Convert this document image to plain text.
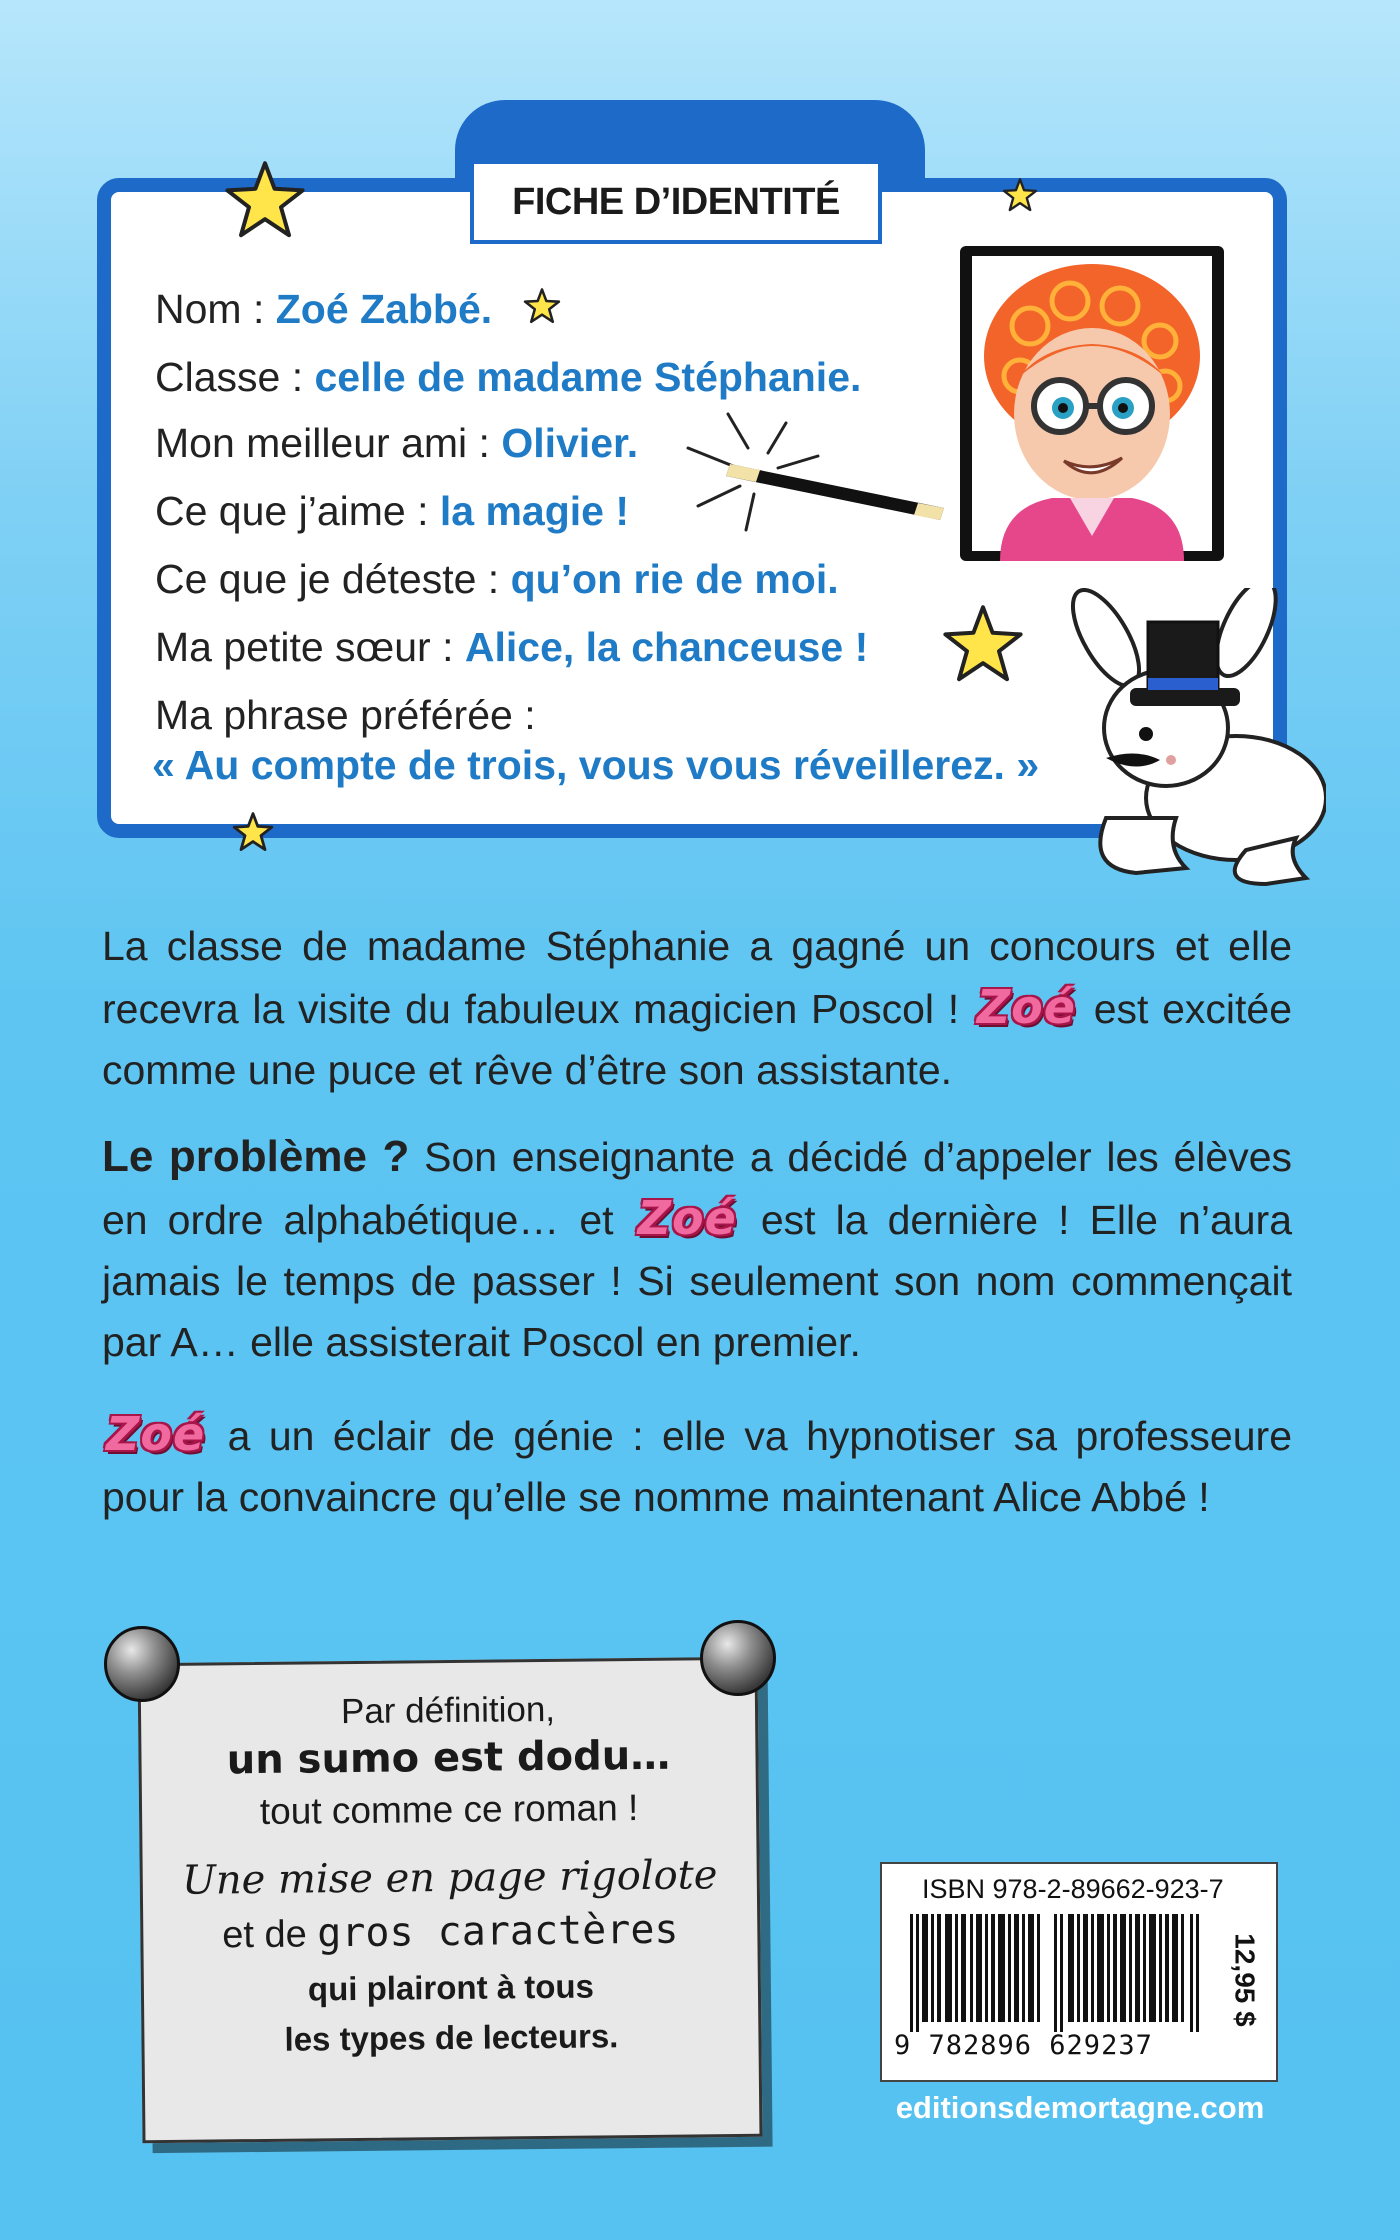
FICHE D’IDENTITÉ
Nom : Zoé Zabbé.
Classe : celle de madame Stéphanie.
Mon meilleur ami : Olivier.
Ce que j’aime : la magie !
Ce que je déteste : qu’on rie de moi.
Ma petite sœur : Alice, la chanceuse !
Ma phrase préférée :
« Au compte de trois, vous vous réveillerez. »
La classe de madame Stéphanie a gagné un concours et elle recevra la visite du fabuleux magicien Poscol ! Zoé est excitée comme une puce et rêve d’être son assistante.
Le problème ? Son enseignante a décidé d’appeler les élèves en ordre alphabétique… et Zoé est la dernière ! Elle n’aura jamais le temps de passer ! Si seulement son nom commençait par A… elle assisterait Poscol en premier.
Zoé a un éclair de génie : elle va hypnotiser sa professeure pour la convaincre qu’elle se nomme maintenant Alice Abbé !
Par définition,
un sumo est dodu…
tout comme ce roman !
Une mise en page rigolote
et de gros caractères
qui plairont à tous
les types de lecteurs.
ISBN 978-2-89662-923-7
9 782896 629237
12,95 $
editionsdemortagne.com
